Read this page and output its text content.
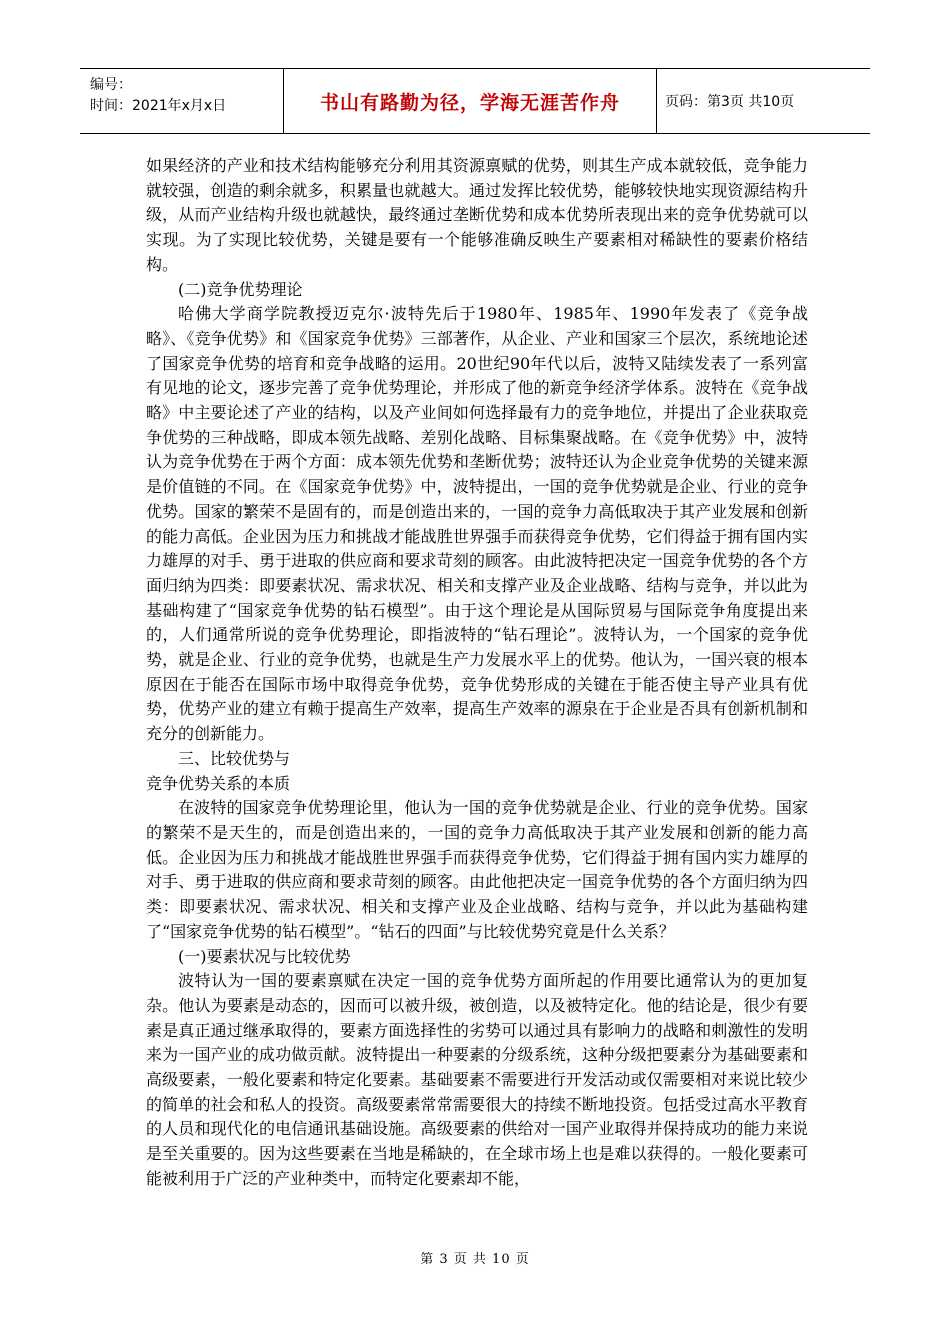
编号：
时间：2021年x月x日	书山有路勤为径，学海无涯苦作舟	页码：第3页 共10页

如果经济的产业和技术结构能够充分利用其资源禀赋的优势，则其生产成本就较低，竞争能力就较强，创造的剩余就多，积累量也就越大。通过发挥比较优势，能够较快地实现资源结构升级，从而产业结构升级也就越快，最终通过垄断优势和成本优势所表现出来的竞争优势就可以实现。为了实现比较优势，关键是要有一个能够准确反映生产要素相对稀缺性的要素价格结构。

(二)竞争优势理论

哈佛大学商学院教授迈克尔·波特先后于1980年、1985年、1990年发表了《竞争战略》、《竞争优势》和《国家竞争优势》三部著作，从企业、产业和国家三个层次，系统地论述了国家竞争优势的培育和竞争战略的运用。20世纪90年代以后，波特又陆续发表了一系列富有见地的论文，逐步完善了竞争优势理论，并形成了他的新竞争经济学体系。波特在《竞争战略》中主要论述了产业的结构，以及产业间如何选择最有力的竞争地位，并提出了企业获取竞争优势的三种战略，即成本领先战略、差别化战略、目标集聚战略。在《竞争优势》中，波特认为竞争优势在于两个方面：成本领先优势和垄断优势；波特还认为企业竞争优势的关键来源是价值链的不同。在《国家竞争优势》中，波特提出，一国的竞争优势就是企业、行业的竞争优势。国家的繁荣不是固有的，而是创造出来的，一国的竞争力高低取决于其产业发展和创新的能力高低。企业因为压力和挑战才能战胜世界强手而获得竞争优势，它们得益于拥有国内实力雄厚的对手、勇于进取的供应商和要求苛刻的顾客。由此波特把决定一国竞争优势的各个方面归纳为四类：即要素状况、需求状况、相关和支撑产业及企业战略、结构与竞争，并以此为基础构建了“国家竞争优势的钻石模型”。由于这个理论是从国际贸易与国际竞争角度提出来的，人们通常所说的竞争优势理论，即指波特的“钻石理论”。波特认为，一个国家的竞争优势，就是企业、行业的竞争优势，也就是生产力发展水平上的优势。他认为，一国兴衰的根本原因在于能否在国际市场中取得竞争优势，竞争优势形成的关键在于能否使主导产业具有优势，优势产业的建立有赖于提高生产效率，提高生产效率的源泉在于企业是否具有创新机制和充分的创新能力。

三、比较优势与

竞争优势关系的本质

在波特的国家竞争优势理论里，他认为一国的竞争优势就是企业、行业的竞争优势。国家的繁荣不是天生的，而是创造出来的，一国的竞争力高低取决于其产业发展和创新的能力高低。企业因为压力和挑战才能战胜世界强手而获得竞争优势，它们得益于拥有国内实力雄厚的对手、勇于进取的供应商和要求苛刻的顾客。由此他把决定一国竞争优势的各个方面归纳为四类：即要素状况、需求状况、相关和支撑产业及企业战略、结构与竞争，并以此为基础构建了“国家竞争优势的钻石模型”。“钻石的四面”与比较优势究竟是什么关系？

(一)要素状况与比较优势

波特认为一国的要素禀赋在决定一国的竞争优势方面所起的作用要比通常认为的更加复杂。他认为要素是动态的，因而可以被升级，被创造，以及被特定化。他的结论是，很少有要素是真正通过继承取得的，要素方面选择性的劣势可以通过具有影响力的战略和刺激性的发明来为一国产业的成功做贡献。波特提出一种要素的分级系统，这种分级把要素分为基础要素和高级要素，一般化要素和特定化要素。基础要素不需要进行开发活动或仅需要相对来说比较少的简单的社会和私人的投资。高级要素常常需要很大的持续不断地投资。包括受过高水平教育的人员和现代化的电信通讯基础设施。高级要素的供给对一国产业取得并保持成功的能力来说是至关重要的。因为这些要素在当地是稀缺的，在全球市场上也是难以获得的。一般化要素可能被利用于广泛的产业种类中，而特定化要素却不能，

第 3 页 共 10 页
